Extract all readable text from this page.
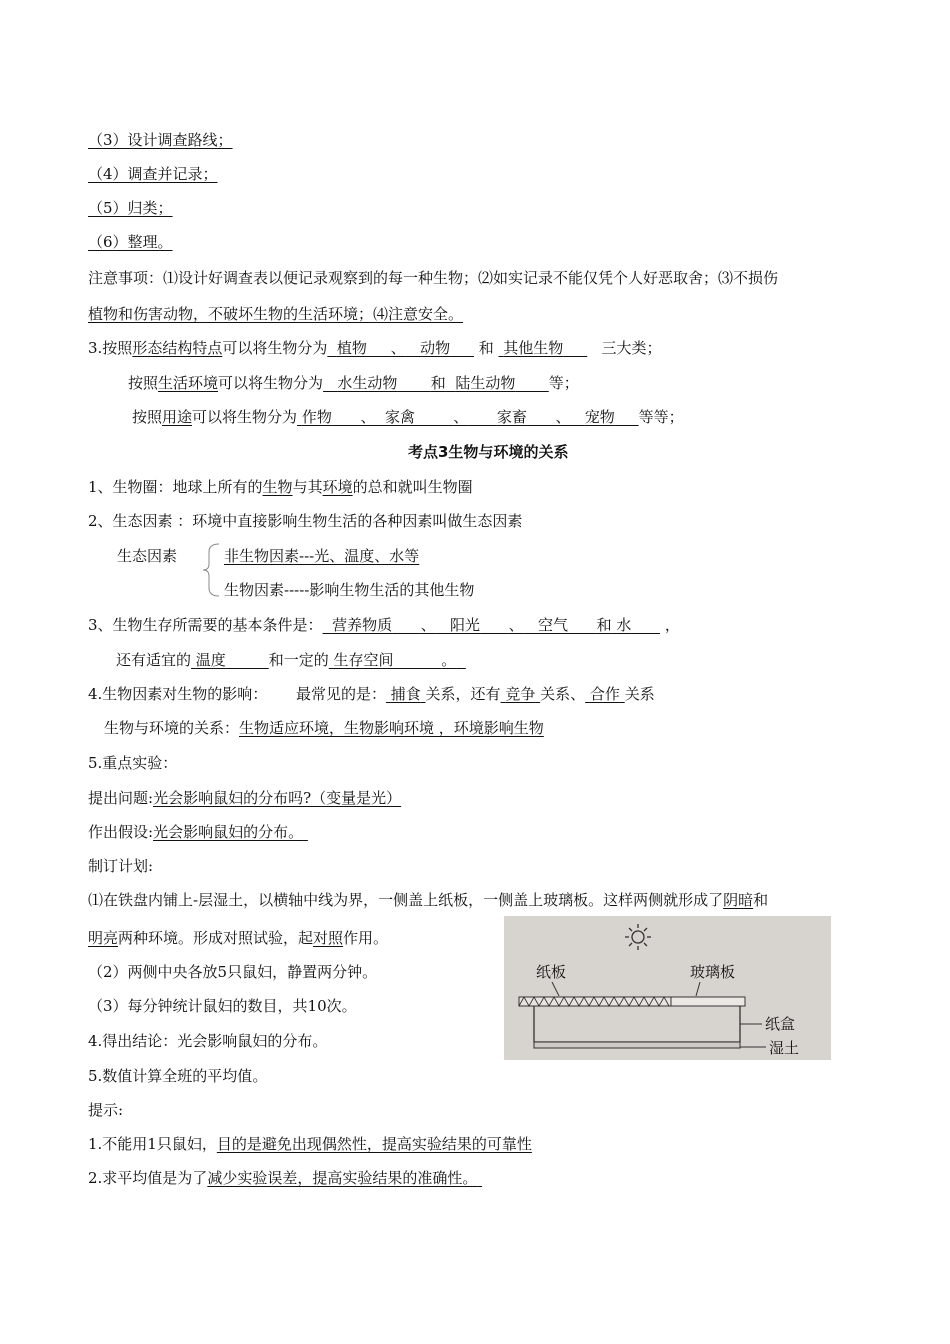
（3）设计调查路线；
（4）调查并记录；
（5）归类；
（6）整理。
注意事项：⑴设计好调查表以便记录观察到的每一种生物；⑵如实记录不能仅凭个人好恶取舍；⑶不损伤
植物和伤害动物，不破坏生物的生活环境；⑷注意安全。
3.按照形态结构特点可以将生物分为 植物 、 动物 和 其他生物	三大类；
按照生活环境可以将生物分为 水生动物 和 陆生动物 等；
按照用途可以将生物分为 作物 、 家禽	、 家畜 、 宠物 等等；
考点3生物与环境的关系
1、生物圈：地球上所有的生物与其环境的总和就叫生物圈
2、生态因素 ：环境中直接影响生物生活的各种因素叫做生态因素
生态因素	非生物因素---光、温度、水等
生物因素-----影响生物生活的其他生物
3、生物生存所需要的基本条件是： 营养物质 、 阳光 、 空气 和 水 ，
还有适宜的 温度	和一定的 生存空间	。
4.生物因素对生物的影响： 最常见的是： 捕食 关系，还有 竞争 关系、 合作 关系
生物与环境的关系：生物适应环境，生物影响环境 ，环境影响生物
5.重点实验：
提出问题:光会影响鼠妇的分布吗?（变量是光）
作出假设:光会影响鼠妇的分布。
制订计划:
⑴在铁盘内铺上-层湿土，以横轴中线为界，一侧盖上纸板，一侧盖上玻璃板。这样两侧就形成了阴暗和
明亮两种环境。形成对照试验，起对照作用。
（2）两侧中央各放5只鼠妇，静置两分钟。
（3）每分钟统计鼠妇的数目，共10次。
4.得出结论：光会影响鼠妇的分布。
5.数值计算全班的平均值。
纸板	玻璃板
纸盒
湿土
提示:
1.不能用1只鼠妇，目的是避免出现偶然性，提高实验结果的可靠性
2.求平均值是为了减少实验误差，提高实验结果的准确性。
